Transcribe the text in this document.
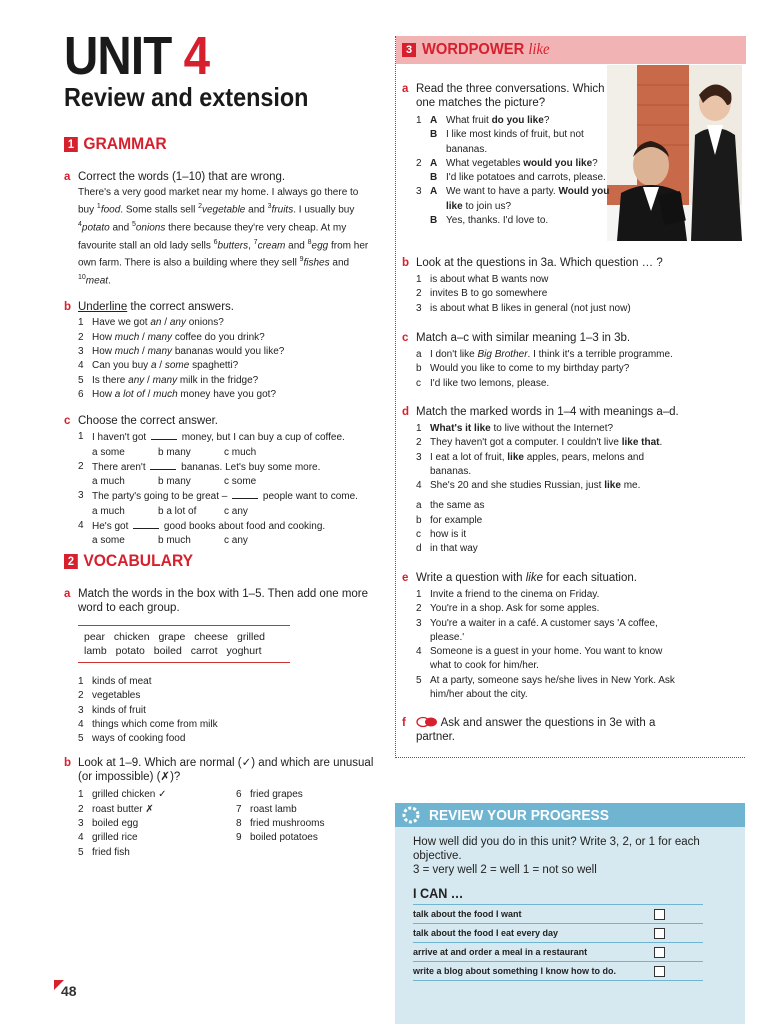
UNIT 4
Review and extension
1 GRAMMAR
a Correct the words (1–10) that are wrong.
There's a very good market near my home. I always go there to buy $^1$food. Some stalls sell $^2$vegetable and $^3$fruits. I usually buy $^4$potato and $^5$onions there because they're very cheap. At my favourite stall an old lady sells $^6$butters, $^7$cream and $^8$egg from her own farm. There is also a building where they sell $^9$fishes and $^{10}$meat.
b Underline the correct answers.
1 Have we got an / any onions?
2 How much / many coffee do you drink?
3 How much / many bananas would you like?
4 Can you buy a / some spaghetti?
5 Is there any / many milk in the fridge?
6 How a lot of / much money have you got?
c Choose the correct answer.
1 I haven't got	money, but I can buy a cup of coffee.
a some	b many	c much
2 There aren't	bananas. Let's buy some more.
a much	b many	c some
3 The party's going to be great –	people want to come.
a much	b a lot of	c any
4 He's got	good books about food and cooking.
a some	b much	c any
2 VOCABULARY
a Match the words in the box with 1–5. Then add one more word to each group.
pear chicken grape cheese grilled
lamb potato boiled carrot yoghurt
1 kinds of meat
2 vegetables
3 kinds of fruit
4 things which come from milk
5 ways of cooking food
b Look at 1–9. Which are normal (✓) and which are unusual (or impossible) (✗)?
1 grilled chicken ✓
2 roast butter ✗
3 boiled egg
4 grilled rice
5 fried fish
6 fried grapes
7 roast lamb
8 fried mushrooms
9 boiled potatoes
48
3 WORDPOWER like
a Read the three conversations. Which one matches the picture?
1 A What fruit do you like?
B I like most kinds of fruit, but not bananas.
2 A What vegetables would you like?
B I'd like potatoes and carrots, please.
3 A We want to have a party. Would you like to join us?
B Yes, thanks. I'd love to.
b Look at the questions in 3a. Which question … ?
1 is about what B wants now
2 invites B to go somewhere
3 is about what B likes in general (not just now)
c Match a–c with similar meaning 1–3 in 3b.
a I don't like Big Brother. I think it's a terrible programme.
b Would you like to come to my birthday party?
c I'd like two lemons, please.
d Match the marked words in 1–4 with meanings a–d.
1 What's it like to live without the Internet?
2 They haven't got a computer. I couldn't live like that.
3 I eat a lot of fruit, like apples, pears, melons and bananas.
4 She's 20 and she studies Russian, just like me.
a the same as
b for example
c how is it
d in that way
e Write a question with like for each situation.
1 Invite a friend to the cinema on Friday.
2 You're in a shop. Ask for some apples.
3 You're a waiter in a café. A customer says 'A coffee, please.'
4 Someone is a guest in your home. You want to know what to cook for him/her.
5 At a party, someone says he/she lives in New York. Ask him/her about the city.
f	Ask and answer the questions in 3e with a partner.
REVIEW YOUR PROGRESS
How well did you do in this unit? Write 3, 2, or 1 for each objective.
3 = very well 2 = well 1 = not so well
I CAN …
talk about the food I want
talk about the food I eat every day
arrive at and order a meal in a restaurant
write a blog about something I know how to do.
